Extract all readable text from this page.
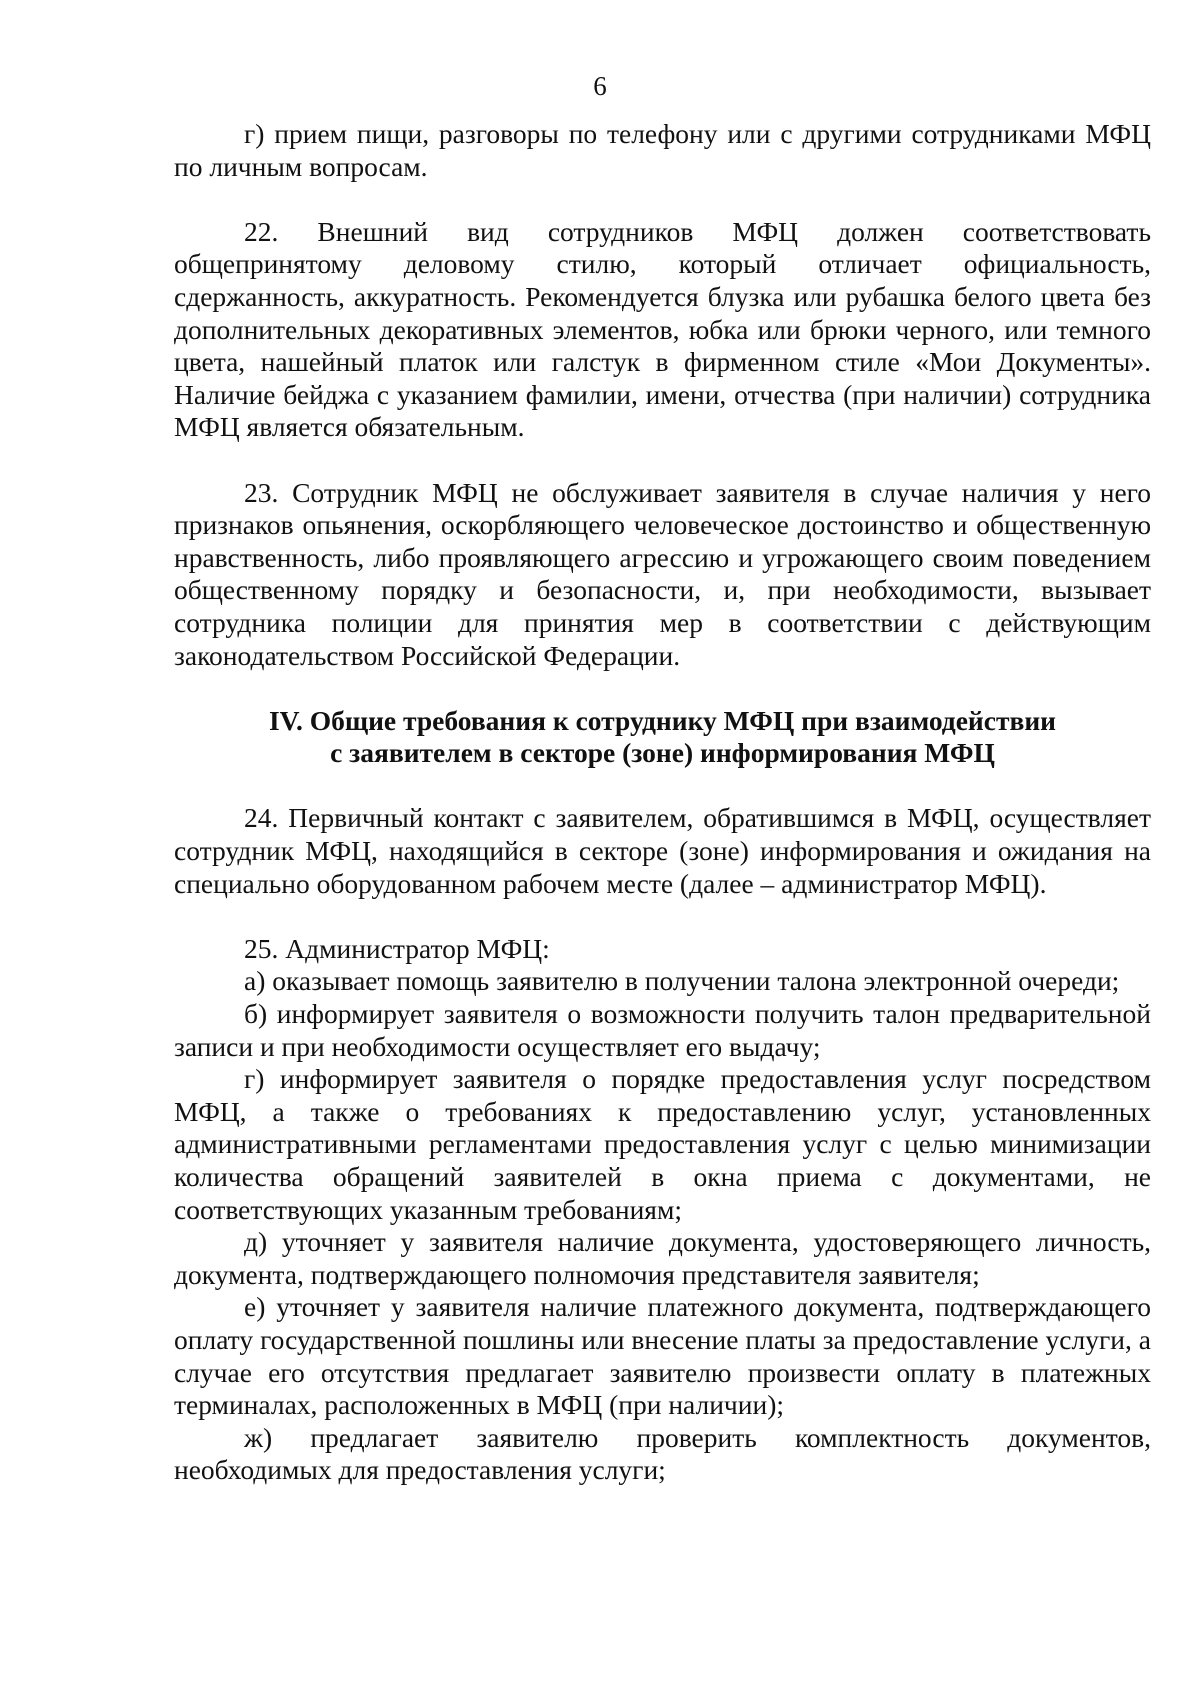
6

г) прием пищи, разговоры по телефону или с другими сотрудниками МФЦ по личным вопросам.

22. Внешний вид сотрудников МФЦ должен соответствовать общепринятому деловому стилю, который отличает официальность, сдержанность, аккуратность. Рекомендуется блузка или рубашка белого цвета без дополнительных декоративных элементов, юбка или брюки черного, или темного цвета, нашейный платок или галстук в фирменном стиле «Мои Документы». Наличие бейджа с указанием фамилии, имени, отчества (при наличии) сотрудника МФЦ является обязательным.

23. Сотрудник МФЦ не обслуживает заявителя в случае наличия у него признаков опьянения, оскорбляющего человеческое достоинство и общественную нравственность, либо проявляющего агрессию и угрожающего своим поведением общественному порядку и безопасности, и, при необходимости, вызывает сотрудника полиции для принятия мер в соответствии с действующим законодательством Российской Федерации.

IV. Общие требования к сотруднику МФЦ при взаимодействии
с заявителем в секторе (зоне) информирования МФЦ

24. Первичный контакт с заявителем, обратившимся в МФЦ, осуществляет сотрудник МФЦ, находящийся в секторе (зоне) информирования и ожидания на специально оборудованном рабочем месте (далее – администратор МФЦ).

25. Администратор МФЦ:

а) оказывает помощь заявителю в получении талона электронной очереди;

б) информирует заявителя о возможности получить талон предварительной записи и при необходимости осуществляет его выдачу;

г) информирует заявителя о порядке предоставления услуг посредством МФЦ, а также о требованиях к предоставлению услуг, установленных административными регламентами предоставления услуг с целью минимизации количества обращений заявителей в окна приема с документами, не соответствующих указанным требованиям;

д) уточняет у заявителя наличие документа, удостоверяющего личность, документа, подтверждающего полномочия представителя заявителя;

е) уточняет у заявителя наличие платежного документа, подтверждающего оплату государственной пошлины или внесение платы за предоставление услуги, а случае его отсутствия предлагает заявителю произвести оплату в платежных терминалах, расположенных в МФЦ (при наличии);

ж) предлагает заявителю проверить комплектность документов, необходимых для предоставления услуги;
